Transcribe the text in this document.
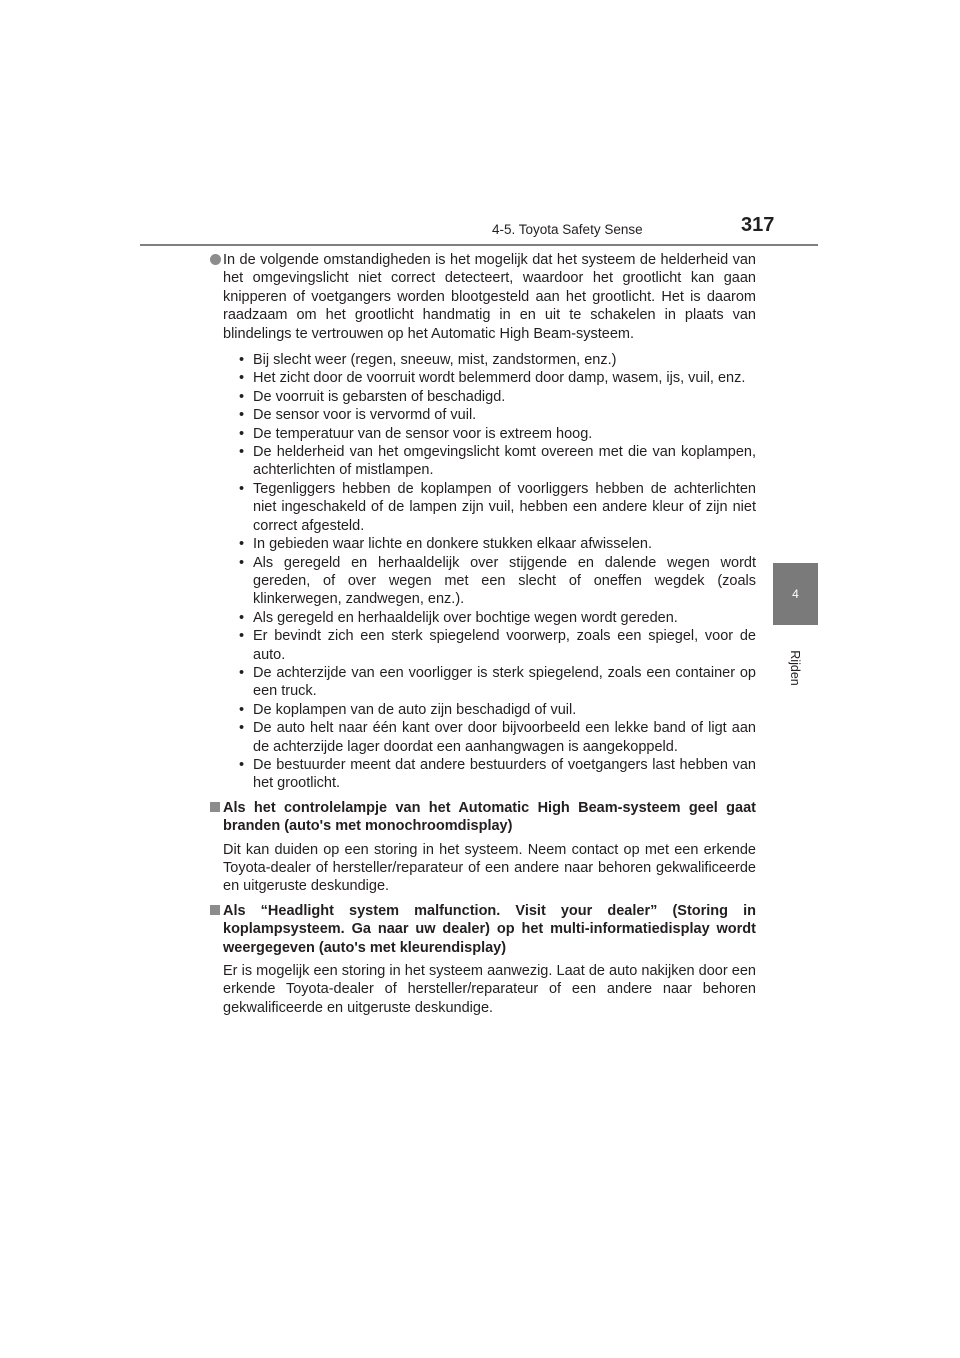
4-5. Toyota Safety Sense	317
4
Rijden
In de volgende omstandigheden is het mogelijk dat het systeem de helderheid van het omgevingslicht niet correct detecteert, waardoor het grootlicht kan gaan knipperen of voetgangers worden blootgesteld aan het grootlicht. Het is daarom raadzaam om het grootlicht handmatig in en uit te schakelen in plaats van blindelings te vertrouwen op het Automatic High Beam-systeem.
• Bij slecht weer (regen, sneeuw, mist, zandstormen, enz.)
• Het zicht door de voorruit wordt belemmerd door damp, wasem, ijs, vuil, enz.
• De voorruit is gebarsten of beschadigd.
• De sensor voor is vervormd of vuil.
• De temperatuur van de sensor voor is extreem hoog.
• De helderheid van het omgevingslicht komt overeen met die van koplampen, achterlichten of mistlampen.
• Tegenliggers hebben de koplampen of voorliggers hebben de achterlichten niet ingeschakeld of de lampen zijn vuil, hebben een andere kleur of zijn niet correct afgesteld.
• In gebieden waar lichte en donkere stukken elkaar afwisselen.
• Als geregeld en herhaaldelijk over stijgende en dalende wegen wordt gereden, of over wegen met een slecht of oneffen wegdek (zoals klinkerwegen, zandwegen, enz.).
• Als geregeld en herhaaldelijk over bochtige wegen wordt gereden.
• Er bevindt zich een sterk spiegelend voorwerp, zoals een spiegel, voor de auto.
• De achterzijde van een voorligger is sterk spiegelend, zoals een container op een truck.
• De koplampen van de auto zijn beschadigd of vuil.
• De auto helt naar één kant over door bijvoorbeeld een lekke band of ligt aan de achterzijde lager doordat een aanhangwagen is aangekoppeld.
• De bestuurder meent dat andere bestuurders of voetgangers last hebben van het grootlicht.
Als het controlelampje van het Automatic High Beam-systeem geel gaat branden (auto's met monochroomdisplay)
Dit kan duiden op een storing in het systeem. Neem contact op met een erkende Toyota-dealer of hersteller/reparateur of een andere naar behoren gekwalificeerde en uitgeruste deskundige.
Als “Headlight system malfunction. Visit your dealer” (Storing in koplampsysteem. Ga naar uw dealer) op het multi-informatiedisplay wordt weergegeven (auto's met kleurendisplay)
Er is mogelijk een storing in het systeem aanwezig. Laat de auto nakijken door een erkende Toyota-dealer of hersteller/reparateur of een andere naar behoren gekwalificeerde en uitgeruste deskundige.
